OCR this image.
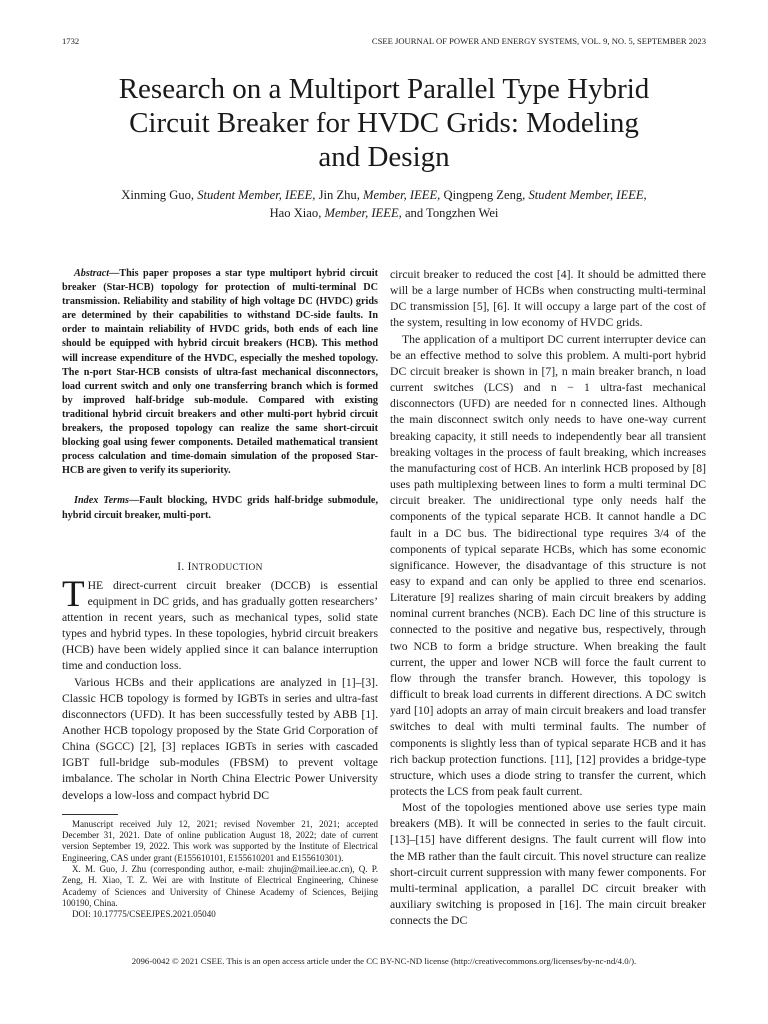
1732	CSEE JOURNAL OF POWER AND ENERGY SYSTEMS, VOL. 9, NO. 5, SEPTEMBER 2023
Research on a Multiport Parallel Type Hybrid
Circuit Breaker for HVDC Grids: Modeling
and Design
Xinming Guo, Student Member, IEEE, Jin Zhu, Member, IEEE, Qingpeng Zeng, Student Member, IEEE,
Hao Xiao, Member, IEEE, and Tongzhen Wei

Abstract—This paper proposes a star type multiport hybrid circuit breaker (Star-HCB) topology for protection of multi-terminal DC transmission. Reliability and stability of high voltage DC (HVDC) grids are determined by their capabilities to withstand DC-side faults. In order to maintain reliability of HVDC grids, both ends of each line should be equipped with hybrid circuit breakers (HCB). This method will increase expenditure of the HVDC, especially the meshed topology. The n-port Star-HCB consists of ultra-fast mechanical disconnectors, load current switch and only one transferring branch which is formed by improved half-bridge sub-module. Compared with existing traditional hybrid circuit breakers and other multi-port hybrid circuit breakers, the proposed topology can realize the same short-circuit blocking goal using fewer components. Detailed mathematical transient process calculation and time-domain simulation of the proposed Star-HCB are given to verify its superiority.

Index Terms—Fault blocking, HVDC grids half-bridge submodule, hybrid circuit breaker, multi-port.

I. INTRODUCTION

THE direct-current circuit breaker (DCCB) is essential equipment in DC grids, and has gradually gotten researchers’ attention in recent years, such as mechanical types, solid state types and hybrid types. In these topologies, hybrid circuit breakers (HCB) have been widely applied since it can balance interruption time and conduction loss.

Various HCBs and their applications are analyzed in [1]–[3]. Classic HCB topology is formed by IGBTs in series and ultra-fast disconnectors (UFD). It has been successfully tested by ABB [1]. Another HCB topology proposed by the State Grid Corporation of China (SGCC) [2], [3] replaces IGBTs in series with cascaded IGBT full-bridge sub-modules (FBSM) to prevent voltage imbalance. The scholar in North China Electric Power University develops a low-loss and compact hybrid DC

Manuscript received July 12, 2021; revised November 21, 2021; accepted December 31, 2021. Date of online publication August 18, 2022; date of current version September 19, 2022. This work was supported by the Institute of Electrical Engineering, CAS under grant (E155610101, E155610201 and E155610301).

X. M. Guo, J. Zhu (corresponding author, e-mail: zhujin@mail.iee.ac.cn), Q. P. Zeng, H. Xiao, T. Z. Wei are with Institute of Electrical Engineering, Chinese Academy of Sciences and University of Chinese Academy of Sciences, Beijing 100190, China.

DOI: 10.17775/CSEEJPES.2021.05040

circuit breaker to reduced the cost [4]. It should be admitted there will be a large number of HCBs when constructing multi-terminal DC transmission [5], [6]. It will occupy a large part of the cost of the system, resulting in low economy of HVDC grids.

The application of a multiport DC current interrupter device can be an effective method to solve this problem. A multi-port hybrid DC circuit breaker is shown in [7], n main breaker branch, n load current switches (LCS) and n − 1 ultra-fast mechanical disconnectors (UFD) are needed for n connected lines. Although the main disconnect switch only needs to have one-way current breaking capacity, it still needs to independently bear all transient breaking voltages in the process of fault breaking, which increases the manufacturing cost of HCB. An interlink HCB proposed by [8] uses path multiplexing between lines to form a multi terminal DC circuit breaker. The unidirectional type only needs half the components of the typical separate HCB. It cannot handle a DC fault in a DC bus. The bidirectional type requires 3/4 of the components of typical separate HCBs, which has some economic significance. However, the disadvantage of this structure is not easy to expand and can only be applied to three end scenarios. Literature [9] realizes sharing of main circuit breakers by adding nominal current branches (NCB). Each DC line of this structure is connected to the positive and negative bus, respectively, through two NCB to form a bridge structure. When breaking the fault current, the upper and lower NCB will force the fault current to flow through the transfer branch. However, this topology is difficult to break load currents in different directions. A DC switch yard [10] adopts an array of main circuit breakers and load transfer switches to deal with multi terminal faults. The number of components is slightly less than of typical separate HCB and it has rich backup protection functions. [11], [12] provides a bridge-type structure, which uses a diode string to transfer the current, which protects the LCS from peak fault current.

Most of the topologies mentioned above use series type main breakers (MB). It will be connected in series to the fault circuit. [13]–[15] have different designs. The fault current will flow into the MB rather than the fault circuit. This novel structure can realize short-circuit current suppression with many fewer components. For multi-terminal application, a parallel DC circuit breaker with auxiliary switching is proposed in [16]. The main circuit breaker connects the DC

2096-0042 © 2021 CSEE. This is an open access article under the CC BY-NC-ND license (http://creativecommons.org/licenses/by-nc-nd/4.0/).
